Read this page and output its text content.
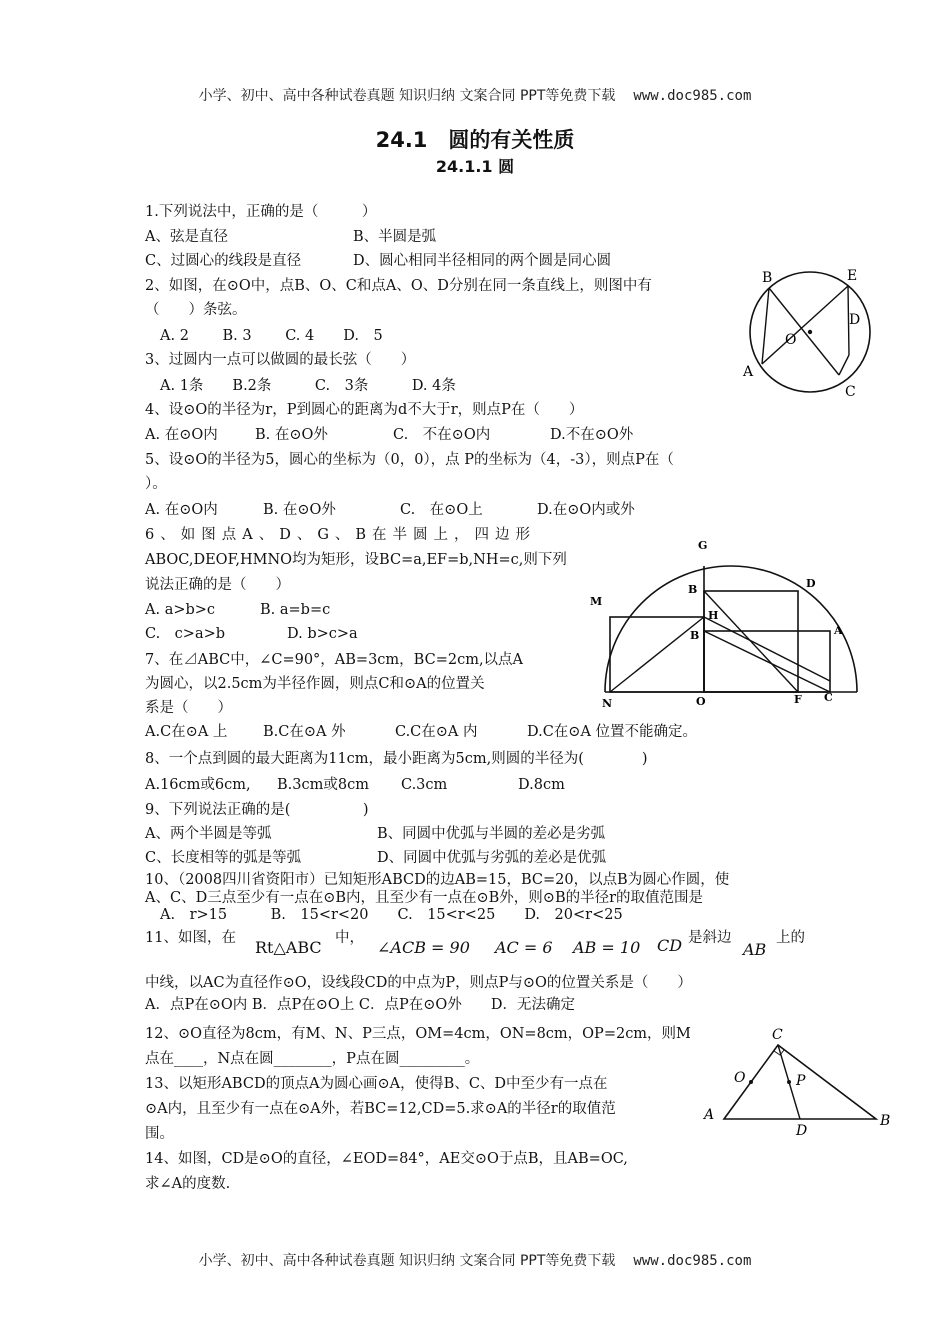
小学、初中、高中各种试卷真题 知识归纳 文案合同 PPT等免费下载 www.doc985.com
24.1　圆的有关性质
24.1.1 圆
1.下列说法中，正确的是（　　　）
A、弦是直径	B、半圆是弧
C、过圆心的线段是直径	D、圆心相同半径相同的两个圆是同心圆
2、如图，在⊙O中，点B、O、C和点A、O、D分别在同一条直线上，则图中有
（　　）条弦。
A. 2　　 B. 3　　 C. 4　　D.　5
3、过圆内一点可以做圆的最长弦（　　）
A. 1条　　B.2条　　　C.　3条　　　D. 4条
4、设⊙O的半径为r，P到圆心的距离为d不大于r，则点P在（　　）
A. 在⊙O内	B. 在⊙O外	C.　不在⊙O内	D.不在⊙O外
5、设⊙O的半径为5，圆心的坐标为（0，0），点 P的坐标为（4，-3），则点P在（
）。
A. 在⊙O内	B. 在⊙O外	C.　在⊙O上	D.在⊙O内或外
6、如图点A、D、G、B在半圆上，四边形
ABOC,DEOF,HMNO均为矩形，设BC=a,EF=b,NH=c,则下列
说法正确的是（　　）
A. a>b>c	B. a=b=c
C.　c>a>b	D. b>c>a
7、在⊿ABC中，∠C=90°，AB=3cm，BC=2cm,以点A
为圆心，以2.5cm为半径作圆，则点C和⊙A的位置关
系是（　　）
A.C在⊙A 上 B.C在⊙A 外	C.C在⊙A 内	D.C在⊙A 位置不能确定。
8、一个点到圆的最大距离为11cm，最小距离为5cm,则圆的半径为(　　　　)
A.16cm或6cm, B.3cm或8cm C.3cm	D.8cm
9、下列说法正确的是(　　　　　)
A、两个半圆是等弧	B、同圆中优弧与半圆的差必是劣弧
C、长度相等的弧是等弧	D、同圆中优弧与劣弧的差必是优弧
10、（2008四川省资阳市）已知矩形ABCD的边AB=15，BC=20，以点B为圆心作圆，使
A、C、D三点至少有一点在⊙B内，且至少有一点在⊙B外，则⊙B的半径r的取值范围是
A.　r>15　　　B.　15<r<20　　C.　15<r<25　　D.　20<r<25
11、如图，在 Rt△ABC 中， ∠ACB = 90 AC = 6 AB = 10 CD 是斜边
AB
上的
中线，以AC为直径作⊙O，设线段CD的中点为P，则点P与⊙O的位置关系是（　　）
A．点P在⊙O内 B．点P在⊙O上 C．点P在⊙O外　　D．无法确定
12、⊙O直径为8cm，有M、N、P三点，OM=4cm，ON=8cm，OP=2cm，则M
点在____，N点在圆________，P点在圆_________。
13、以矩形ABCD的顶点A为圆心画⊙A，使得B、C、D中至少有一点在
⊙A内，且至少有一点在⊙A外，若BC=12,CD=5.求⊙A的半径r的取值范
围。
14、如图，CD是⊙O的直径，∠EOD=84°，AE交⊙O于点B，且AB=OC,
求∠A的度数.
B	E
D
O
A
C
G
B	D
M
H
B	A
N	O	F C
C
O	P
A
D
B
小学、初中、高中各种试卷真题 知识归纳 文案合同 PPT等免费下载 www.doc985.com
